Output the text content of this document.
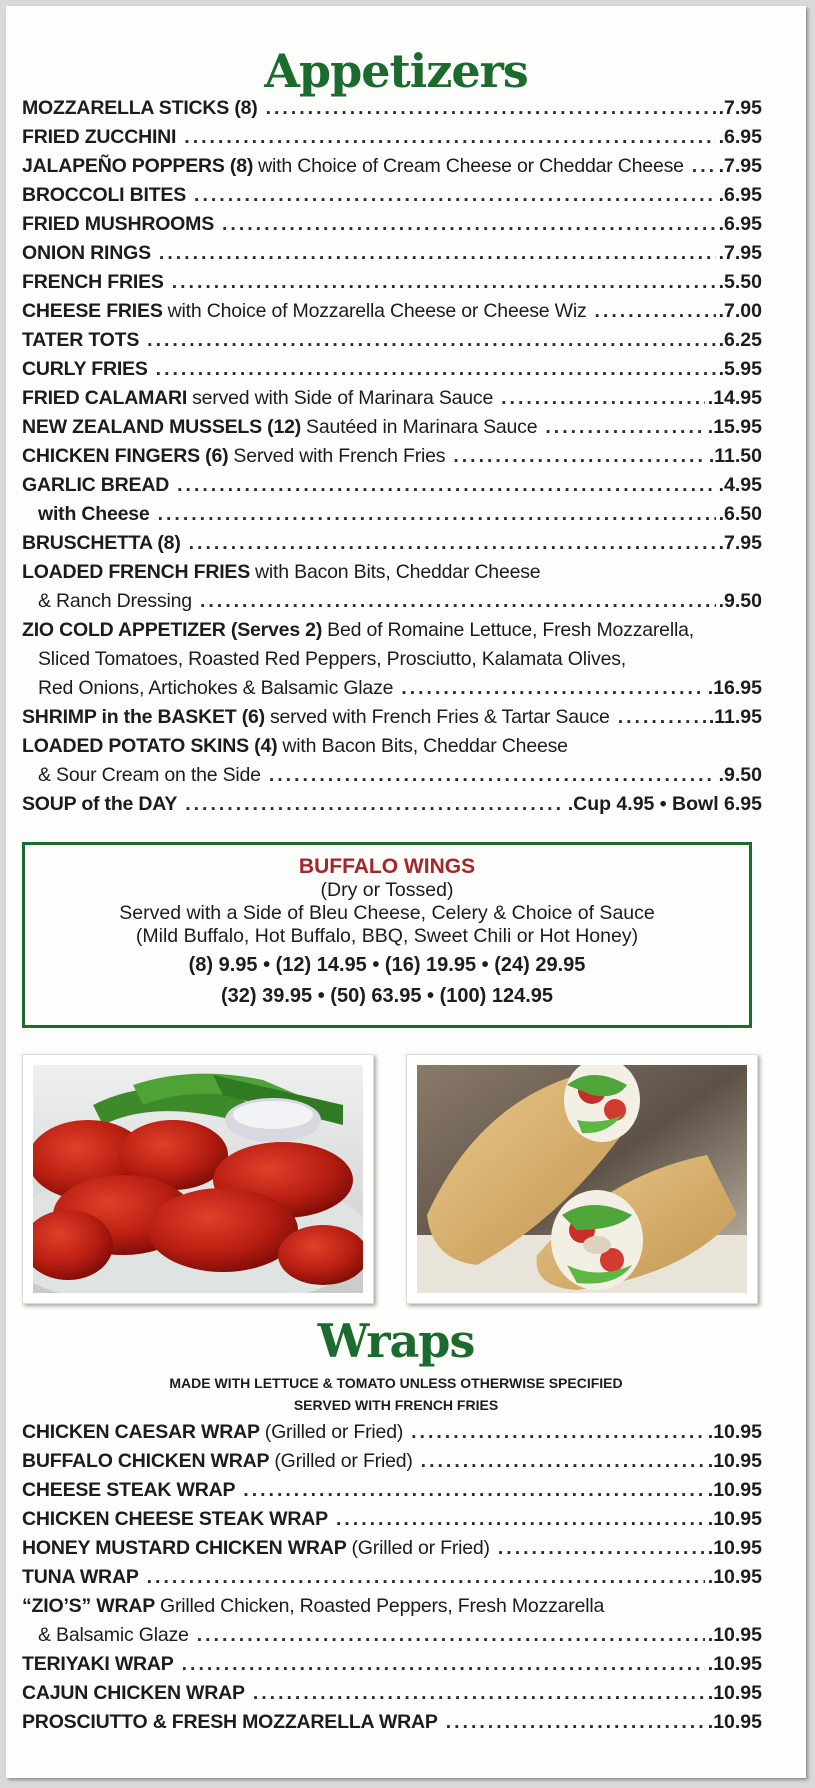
Appetizers
MOZZARELLA STICKS (8) .....	.7.95
FRIED ZUCCHINI .....	.6.95
JALAPEÑO POPPERS (8) with Choice of Cream Cheese or Cheddar Cheese ..... .7.95
BROCCOLI BITES .....	.6.95
FRIED MUSHROOMS .....	.6.95
ONION RINGS .....	.7.95
FRENCH FRIES .....	.5.50
CHEESE FRIES with Choice of Mozzarella Cheese or Cheese Wiz .....	.7.00
TATER TOTS .....	.6.25
CURLY FRIES .....	.5.95
FRIED CALAMARI served with Side of Marinara Sauce .....	.14.95
NEW ZEALAND MUSSELS (12) Sautéed in Marinara Sauce .....	.15.95
CHICKEN FINGERS (6) Served with French Fries .....	.11.50
GARLIC BREAD .....	.4.95
with Cheese .....	.6.50
BRUSCHETTA (8) .....	.7.95
LOADED FRENCH FRIES with Bacon Bits, Cheddar Cheese
& Ranch Dressing .....	.9.50
ZIO COLD APPETIZER (Serves 2) Bed of Romaine Lettuce, Fresh Mozzarella,
Sliced Tomatoes, Roasted Red Peppers, Prosciutto, Kalamata Olives,
Red Onions, Artichokes & Balsamic Glaze .....	.16.95
SHRIMP in the BASKET (6) served with French Fries & Tartar Sauce .....	.11.95
LOADED POTATO SKINS (4) with Bacon Bits, Cheddar Cheese
& Sour Cream on the Side .....	.9.50
SOUP of the DAY .....	.Cup 4.95 • Bowl 6.95
BUFFALO WINGS
(Dry or Tossed)
Served with a Side of Bleu Cheese, Celery & Choice of Sauce
(Mild Buffalo, Hot Buffalo, BBQ, Sweet Chili or Hot Honey)
(8) 9.95 • (12) 14.95 • (16) 19.95 • (24) 29.95
(32) 39.95 • (50) 63.95 • (100) 124.95
Wraps
MADE WITH LETTUCE & TOMATO UNLESS OTHERWISE SPECIFIED
SERVED WITH FRENCH FRIES
CHICKEN CAESAR WRAP (Grilled or Fried) .....	.10.95
BUFFALO CHICKEN WRAP (Grilled or Fried) .....	.10.95
CHEESE STEAK WRAP .....	.10.95
CHICKEN CHEESE STEAK WRAP .....	.10.95
HONEY MUSTARD CHICKEN WRAP (Grilled or Fried) .....	.10.95
TUNA WRAP .....	.10.95
“ZIO’S” WRAP Grilled Chicken, Roasted Peppers, Fresh Mozzarella
& Balsamic Glaze .....	.10.95
TERIYAKI WRAP .....	.10.95
CAJUN CHICKEN WRAP .....	.10.95
PROSCIUTTO & FRESH MOZZARELLA WRAP .....	.10.95
